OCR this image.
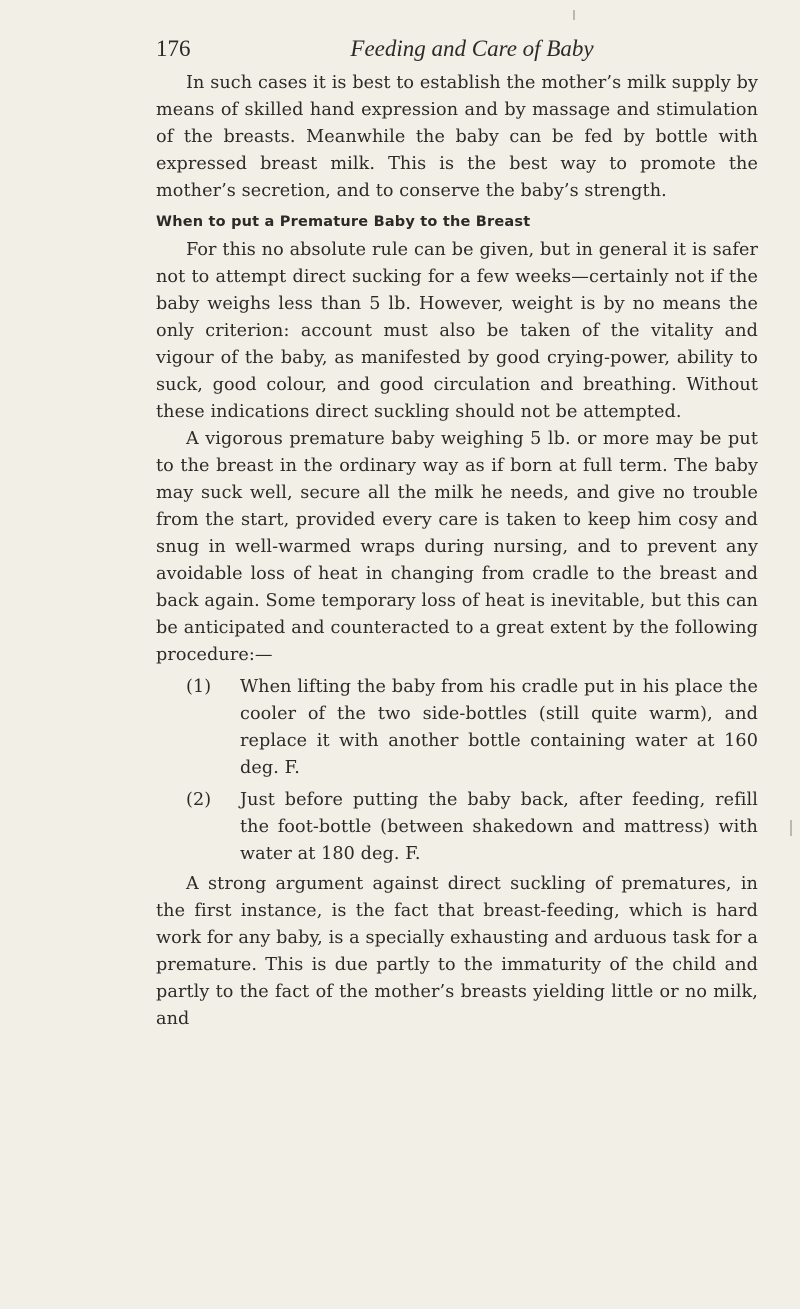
176	Feeding and Care of Baby

In such cases it is best to establish the mother’s milk supply by means of skilled hand expression and by massage and stimulation of the breasts. Meanwhile the baby can be fed by bottle with expressed breast milk. This is the best way to promote the mother’s secretion, and to conserve the baby’s strength.

When to put a Premature Baby to the Breast

For this no absolute rule can be given, but in general it is safer not to attempt direct sucking for a few weeks—certainly not if the baby weighs less than 5 lb. However, weight is by no means the only criterion: account must also be taken of the vitality and vigour of the baby, as manifested by good crying-power, ability to suck, good colour, and good circulation and breathing. Without these indications direct suckling should not be attempted.

A vigorous premature baby weighing 5 lb. or more may be put to the breast in the ordinary way as if born at full term. The baby may suck well, secure all the milk he needs, and give no trouble from the start, provided every care is taken to keep him cosy and snug in well-warmed wraps during nursing, and to prevent any avoidable loss of heat in changing from cradle to the breast and back again. Some temporary loss of heat is inevitable, but this can be anticipated and counteracted to a great extent by the following procedure:—

(1)	When lifting the baby from his cradle put in his place the cooler of the two side-bottles (still quite warm), and replace it with another bottle containing water at 160 deg. F.
(2)	Just before putting the baby back, after feeding, refill the foot-bottle (between shakedown and mattress) with water at 180 deg. F.

A strong argument against direct suckling of prematures, in the first instance, is the fact that breast-feeding, which is hard work for any baby, is a specially exhausting and arduous task for a premature. This is due partly to the immaturity of the child and partly to the fact of the mother’s breasts yielding little or no milk, and
